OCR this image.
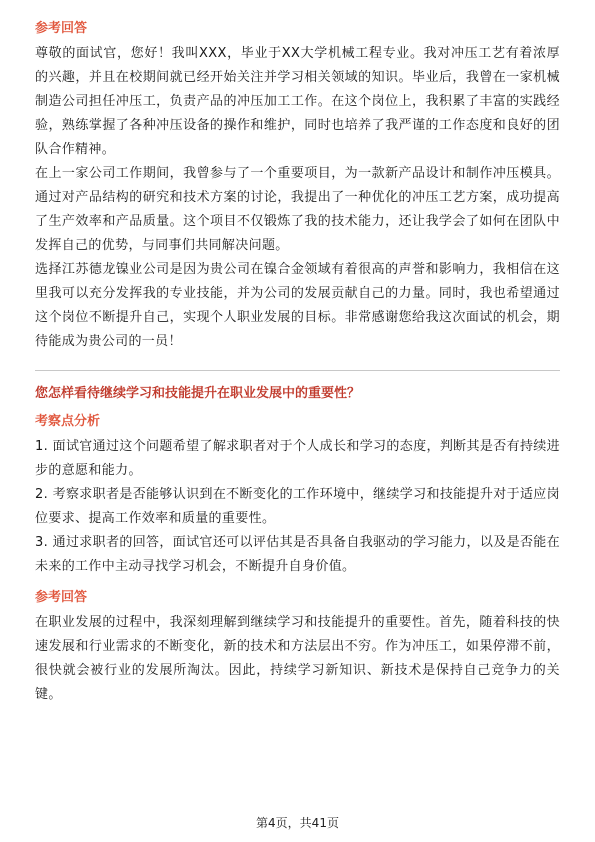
参考回答

尊敬的面试官，您好！我叫XXX，毕业于XX大学机械工程专业。我对冲压工艺有着浓厚的兴趣，并且在校期间就已经开始关注并学习相关领域的知识。毕业后，我曾在一家机械制造公司担任冲压工，负责产品的冲压加工工作。在这个岗位上，我积累了丰富的实践经验，熟练掌握了各种冲压设备的操作和维护，同时也培养了我严谨的工作态度和良好的团队合作精神。

在上一家公司工作期间，我曾参与了一个重要项目，为一款新产品设计和制作冲压模具。通过对产品结构的研究和技术方案的讨论，我提出了一种优化的冲压工艺方案，成功提高了生产效率和产品质量。这个项目不仅锻炼了我的技术能力，还让我学会了如何在团队中发挥自己的优势，与同事们共同解决问题。

选择江苏德龙镍业公司是因为贵公司在镍合金领域有着很高的声誉和影响力，我相信在这里我可以充分发挥我的专业技能，并为公司的发展贡献自己的力量。同时，我也希望通过这个岗位不断提升自己，实现个人职业发展的目标。非常感谢您给我这次面试的机会，期待能成为贵公司的一员！

您怎样看待继续学习和技能提升在职业发展中的重要性？
考察点分析

1. 面试官通过这个问题希望了解求职者对于个人成长和学习的态度，判断其是否有持续进步的意愿和能力。

2. 考察求职者是否能够认识到在不断变化的工作环境中，继续学习和技能提升对于适应岗位要求、提高工作效率和质量的重要性。

3. 通过求职者的回答，面试官还可以评估其是否具备自我驱动的学习能力，以及是否能在未来的工作中主动寻找学习机会，不断提升自身价值。

参考回答

在职业发展的过程中，我深刻理解到继续学习和技能提升的重要性。首先，随着科技的快速发展和行业需求的不断变化，新的技术和方法层出不穷。作为冲压工，如果停滞不前，很快就会被行业的发展所淘汰。因此，持续学习新知识、新技术是保持自己竞争力的关键。

第4页，共41页
